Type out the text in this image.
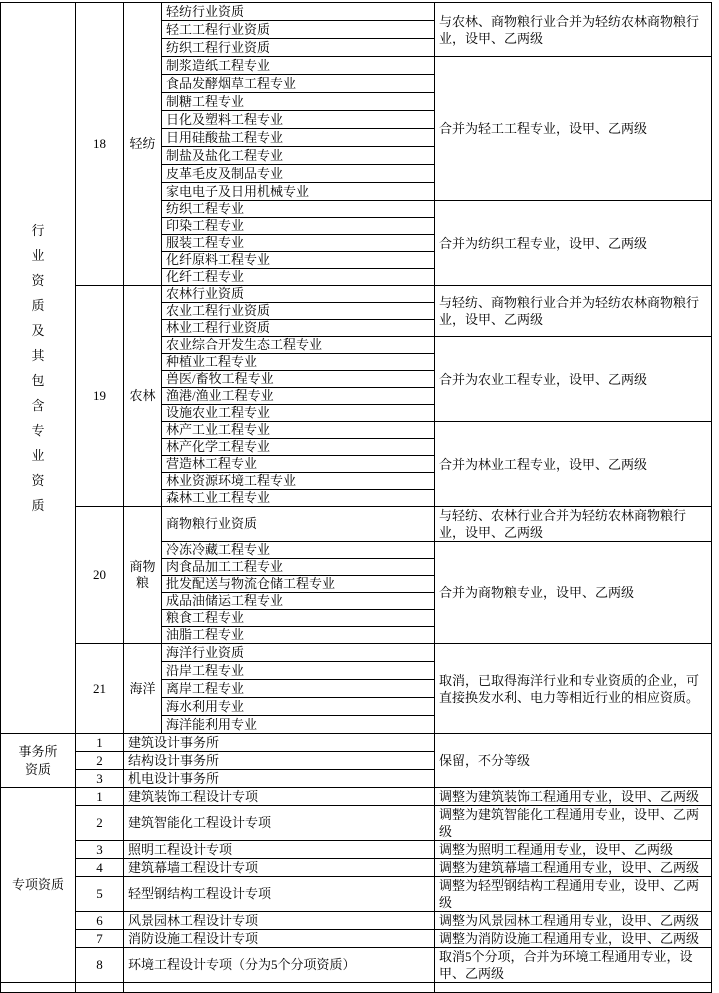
行业资质及其包含专业资质	18	轻纺	轻纺行业资质	与农林、商物粮行业合并为轻纺农林商物粮行业，设甲、乙两级
			轻工工程行业资质	
			纺织工程行业资质	
			制浆造纸工程专业	合并为轻工工程专业，设甲、乙两级
			食品发酵烟草工程专业	
			制糖工程专业	
			日化及塑料工程专业	
			日用硅酸盐工程专业	
			制盐及盐化工程专业	
			皮革毛皮及制品专业	
			家电电子及日用机械专业	
			纺织工程专业	合并为纺织工程专业，设甲、乙两级
			印染工程专业	
			服装工程专业	
			化纤原料工程专业	
			化纤工程专业	
	19	农林	农林行业资质	与轻纺、商物粮行业合并为轻纺农林商物粮行业，设甲、乙两级
			农业工程行业资质	
			林业工程行业资质	
			农业综合开发生态工程专业	合并为农业工程专业，设甲、乙两级
			种植业工程专业	
			兽医/畜牧工程专业	
			渔港/渔业工程专业	
			设施农业工程专业	
			林产工业工程专业	合并为林业工程专业，设甲、乙两级
			林产化学工程专业	
			营造林工程专业	
			林业资源环境工程专业	
			森林工业工程专业	
	20	商物粮	商物粮行业资质	与轻纺、农林行业合并为轻纺农林商物粮行业，设甲、乙两级
			冷冻冷藏工程专业	合并为商物粮专业，设甲、乙两级
			肉食品加工工程专业	
			批发配送与物流仓储工程专业	
			成品油储运工程专业	
			粮食工程专业	
			油脂工程专业	
	21	海洋	海洋行业资质	取消，已取得海洋行业和专业资质的企业，可直接换发水利、电力等相近行业的相应资质。
			沿岸工程专业	
			离岸工程专业	
			海水利用专业	
			海洋能利用专业	

事务所资质	1	建筑设计事务所		保留，不分等级
	2	结构设计事务所		
	3	机电设计事务所		
专项资质	1	建筑装饰工程设计专项		调整为建筑装饰工程通用专业，设甲、乙两级
	2	建筑智能化工程设计专项		调整为建筑智能化工程通用专业，设甲、乙两级
	3	照明工程设计专项		调整为照明工程通用专业，设甲、乙两级
	4	建筑幕墙工程设计专项		调整为建筑幕墙工程通用专业，设甲、乙两级
	5	轻型钢结构工程设计专项		调整为轻型钢结构工程通用专业，设甲、乙两级
	6	风景园林工程设计专项		调整为风景园林工程通用专业，设甲、乙两级
	7	消防设施工程设计专项		调整为消防设施工程通用专业，设甲、乙两级
	8	环境工程设计专项（分为5个分项资质）		取消5个分项，合并为环境工程通用专业，设甲、乙两级
